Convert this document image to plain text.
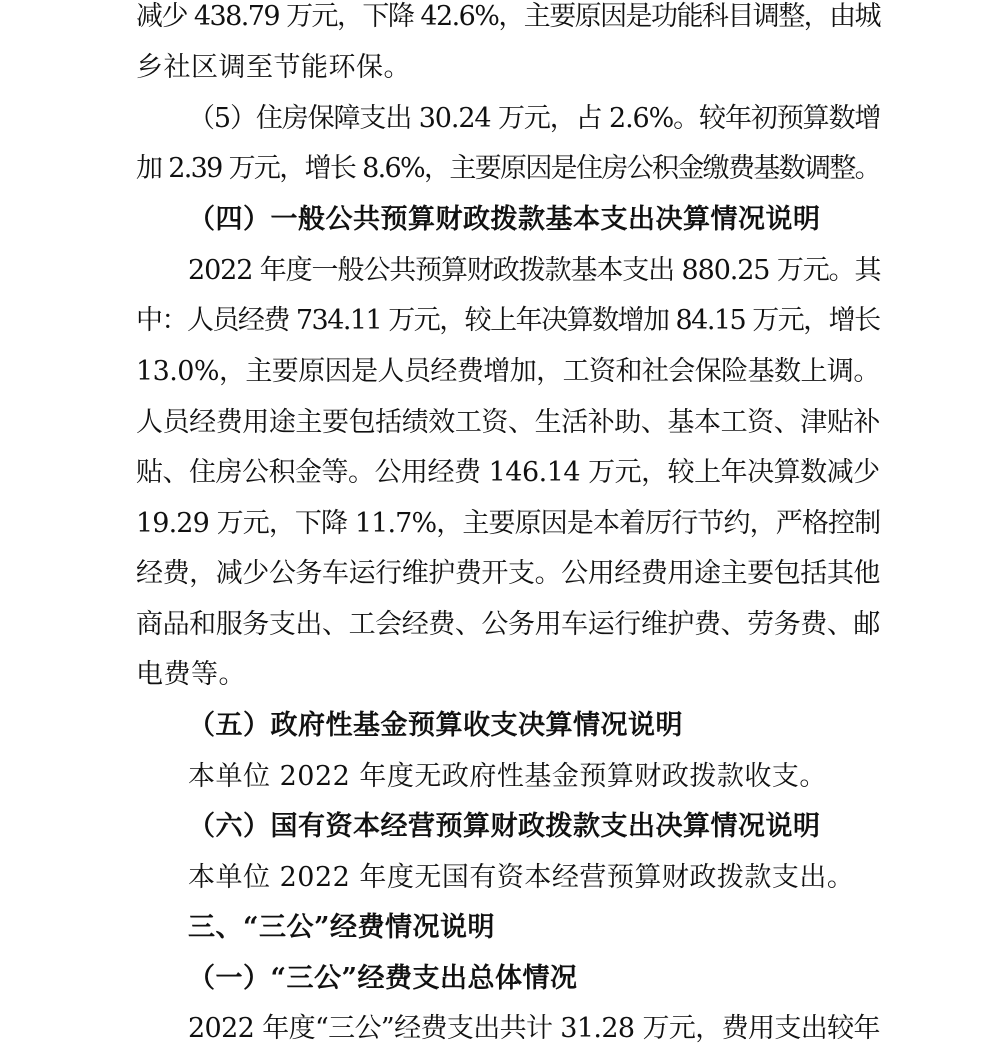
减少 438.79 万元，下降 42.6%，主要原因是功能科目调整，由城
乡社区调至节能环保。
（5）住房保障支出 30.24 万元，占 2.6%。较年初预算数增
加 2.39 万元，增长 8.6%，主要原因是住房公积金缴费基数调整。
（四）一般公共预算财政拨款基本支出决算情况说明
2022 年度一般公共预算财政拨款基本支出 880.25 万元。其
中：人员经费 734.11 万元，较上年决算数增加 84.15 万元，增长
13.0%，主要原因是人员经费增加，工资和社会保险基数上调。
人员经费用途主要包括绩效工资、生活补助、基本工资、津贴补
贴、住房公积金等。公用经费 146.14 万元，较上年决算数减少
19.29 万元，下降 11.7%，主要原因是本着厉行节约，严格控制
经费，减少公务车运行维护费开支。公用经费用途主要包括其他
商品和服务支出、工会经费、公务用车运行维护费、劳务费、邮
电费等。
（五）政府性基金预算收支决算情况说明
本单位 2022 年度无政府性基金预算财政拨款收支。
（六）国有资本经营预算财政拨款支出决算情况说明
本单位 2022 年度无国有资本经营预算财政拨款支出。
三、“三公”经费情况说明
（一）“三公”经费支出总体情况
2022 年度“三公”经费支出共计 31.28 万元，费用支出较年
